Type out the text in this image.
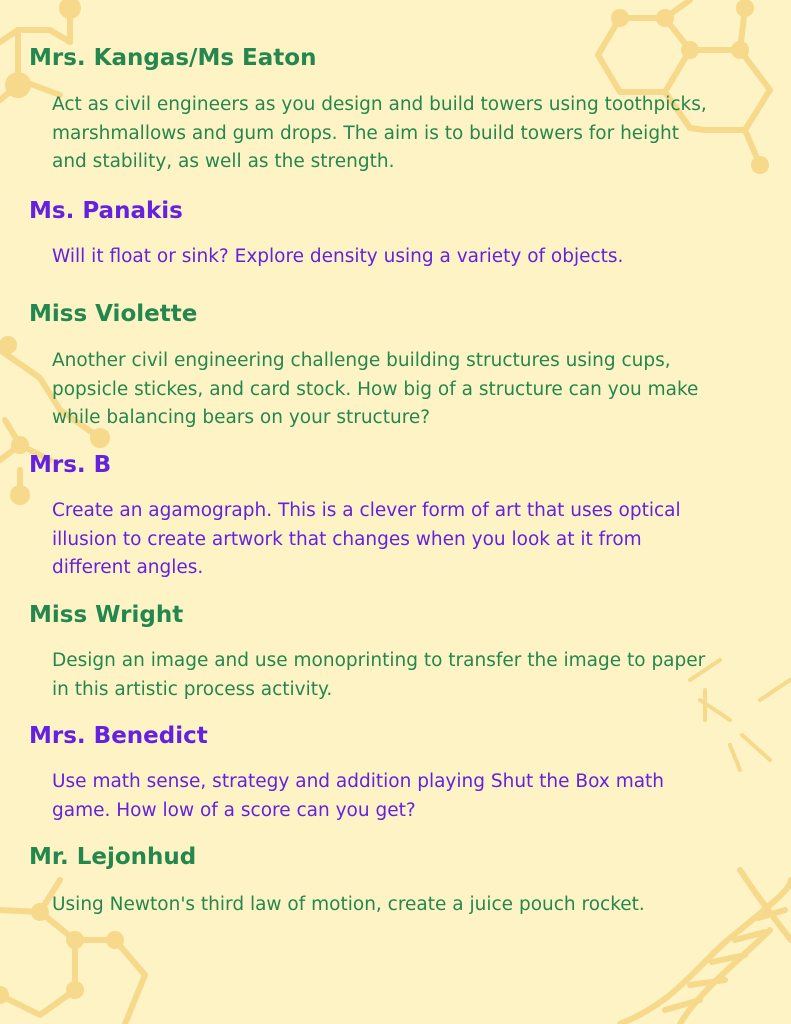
Mrs. Kangas/Ms Eaton
Act as civil engineers as you design and build towers using toothpicks,
marshmallows and gum drops. The aim is to build towers for height
and stability, as well as the strength.
Ms. Panakis
Will it float or sink? Explore density using a variety of objects.
Miss Violette
Another civil engineering challenge building structures using cups,
popsicle stickes, and card stock. How big of a structure can you make
while balancing bears on your structure?
Mrs. B
Create an agamograph. This is a clever form of art that uses optical
illusion to create artwork that changes when you look at it from
different angles.
Miss Wright
Design an image and use monoprinting to transfer the image to paper
in this artistic process activity.
Mrs. Benedict
Use math sense, strategy and addition playing Shut the Box math
game. How low of a score can you get?
Mr. Lejonhud
Using Newton's third law of motion, create a juice pouch rocket.
